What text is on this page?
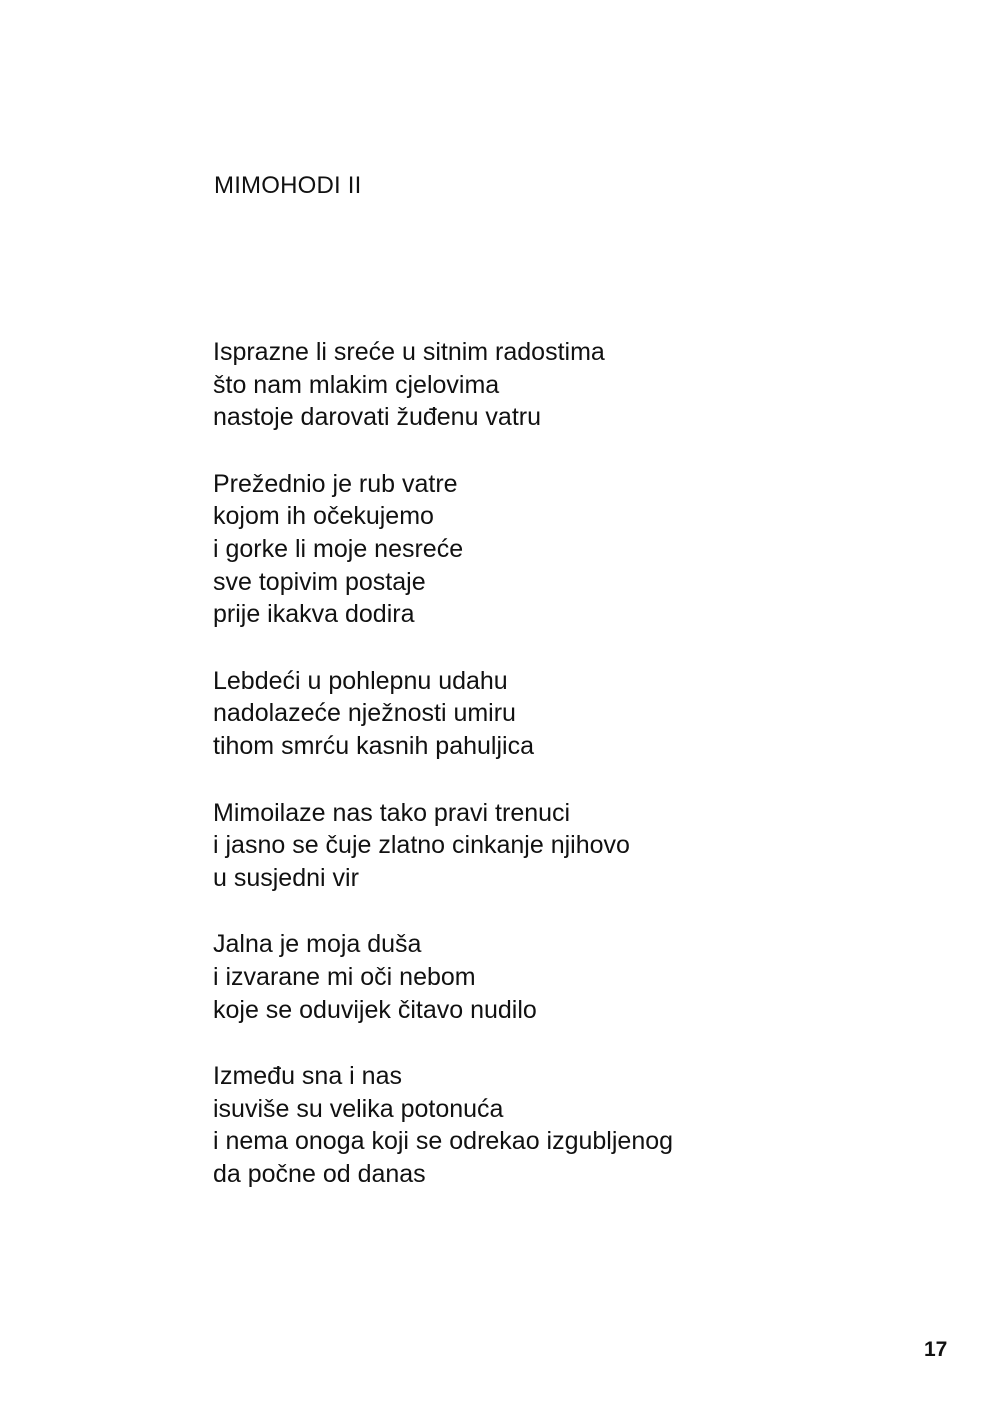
MIMOHODI II
Isprazne li sreće u sitnim radostima
što nam mlakim cjelovima
nastoje darovati žuđenu vatru
Prežednio je rub vatre
kojom ih očekujemo
i gorke li moje nesreće
sve topivim postaje
prije ikakva dodira
Lebdeći u pohlepnu udahu
nadolazeće nježnosti umiru
tihom smrću kasnih pahuljica
Mimoilaze nas tako pravi trenuci
i jasno se čuje zlatno cinkanje njihovo
u susjedni vir
Jalna je moja duša
i izvarane mi oči nebom
koje se oduvijek čitavo nudilo
Između sna i nas
isuviše su velika potonuća
i nema onoga koji se odrekao izgubljenog
da počne od danas
17
